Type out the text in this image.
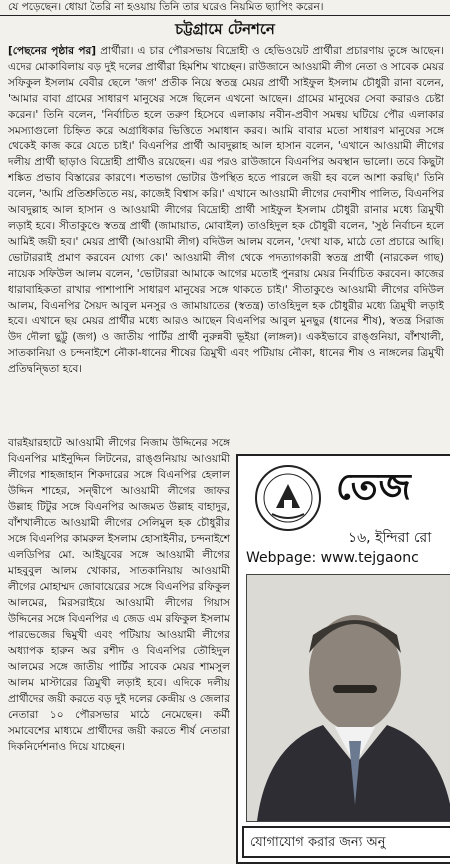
যে পড়েছেন। ধোয়া তৈরি না হওয়ায় তিনি তার ঘরেও নিয়মিত ছ্যাপিং করেন।
চট্টগ্রামে টেনশনে
[পেছনের পৃষ্ঠার পর] প্রার্থীরা। এ চার পৌরসভায় বিদ্রোহী ও হেভিওয়েট প্রার্থীরা প্রচারণায় তুঙ্গে আছেন। এদের মোকাবিলায় বড় দুই দলের প্রার্থীরা হিমশিম খাচ্ছেন। রাউজানে আওয়ামী লীগ নেতা ও সাবেক মেয়র সফিকুল ইসলাম বেবীর ছেলে 'জগ' প্রতীক নিয়ে স্বতন্ত্র মেয়র প্রার্থী সাইফুল ইসলাম চৌধুরী রানা বলেন, 'আমার বাবা গ্রামের সাধারণ মানুষের সঙ্গে ছিলেন এখনো আছেন। গ্রামের মানুষের সেবা করারও চেষ্টা করেন।' তিনি বলেন, 'নির্বাচিত হলে তরুণ হিসেবে এলাকায় নবীন-প্রবীণ সমন্বয় ঘটিয়ে পৌর এলাকার সমস্যাগুলো চিহ্নিত করে অগ্রাধিকার ভিত্তিতে সমাধান করব। আমি বাবার মতো সাধারণ মানুষের সঙ্গে থেকেই কাজ করে যেতে চাই।' বিএনপির প্রার্থী আবদুল্লাহ আল হাসান বলেন, 'এখানে আওয়ামী লীগের দলীয় প্রার্থী ছাড়াও বিদ্রোহী প্রার্থীও রয়েছেন। এর পরও রাউজানে বিএনপির অবস্থান ভালো। তবে কিছুটা শঙ্কিত প্রভাব বিস্তারের কারণে। শতভাগ ভোটার উপস্থিত হতে পারলে জয়ী হব বলে আশা করছি।' তিনি বলেন, 'আমি প্রতিশ্রুতিতে নয়, কাজেই বিশ্বাস করি।' এখানে আওয়ামী লীগের দেবাশীষ পালিত, বিএনপির আবদুল্লাহ আল হাসান ও আওয়ামী লীগের বিদ্রোহী প্রার্থী সাইফুল ইসলাম চৌধুরী রানার মধ্যে ত্রিমুখী লড়াই হবে। সীতাকুণ্ডে স্বতন্ত্র প্রার্থী (জামায়াত, মোবাইল) তাওহিদুল হক চৌধুরী বলেন, 'সুষ্ঠ নির্বাচন হলে আমিই জয়ী হব।' মেয়র প্রার্থী (আওয়ামী লীগ) বদিউল আলম বলেন, 'দেখা যাক, মাঠে তো প্রচারে আছি। ভোটাররাই প্রমাণ করবেন যোগ্য কে।' আওয়ামী লীগ থেকে পদত্যাগকারী স্বতন্ত্র প্রার্থী (নারকেল গাছ) নায়েক সফিউল আলম বলেন, 'ভোটাররা আমাকে আগের মতোই পুনরায় মেয়র নির্বাচিত করবেন। কাজের ধারাবাহিকতা রাখার পাশাপাশি সাধারণ মানুষের সঙ্গে থাকতে চাই।' সীতাকুণ্ডে আওয়ামী লীগের বদিউল আলম, বিএনপির সৈয়দ আবুল মনসুর ও জামায়াতের (স্বতন্ত্র) তাওহিদুল হক চৌধুরীর মধ্যে ত্রিমুখী লড়াই হবে। এখানে ছয় মেয়র প্রার্থীর মধ্যে আরও আছেন বিএনপির আবুল মুনছুর (ধানের শীষ), স্বতন্ত্র সিরাজ উদ দৌলা ছুট্টু (জগ) ও জাতীয় পার্টির প্রার্থী নুরুন্নবী ভূইয়া (লাঙ্গল)। একইভাবে রাঙ্গুনিয়া, বাঁশখালী, সাতকানিয়া ও চন্দনাইশে নৌকা-ধানের শীষের ত্রিমুখী এবং পটিয়ায় নৌকা, ধানের শীষ ও নাঙ্গলের ত্রিমুখী প্রতিদ্বন্দ্বিতা হবে।
বারইয়ারহাটে আওয়ামী লীগের নিজাম উদ্দিনের সঙ্গে বিএনপির মাইনুদ্দিন লিটনের, রাঙ্গুনিয়ায় আওয়ামী লীগের শাহজাহান শিকদারের সঙ্গে বিএনপির হেলাল উদ্দিন শাহের, সন্দ্বীপে আওয়ামী লীগের জাফর উল্লাহ টিটুর সঙ্গে বিএনপির আজমত উল্লাহ বাহাদুর, বাঁশখালীতে আওয়ামী লীগের সেলিমুল হক চৌধুরীর সঙ্গে বিএনপির কামরুল ইসলাম হোসাইনীর, চন্দনাইশে এলডিপির মো. আইয়ুবের সঙ্গে আওয়ামী লীগের মাহবুবুল আলম খোকার, সাতকানিয়ায় আওয়ামী লীগের মোহাম্মদ জোবায়েরের সঙ্গে বিএনপির রফিকুল আলমের, মিরসরাইয়ে আওয়ামী লীগের গিয়াস উদ্দিনের সঙ্গে বিএনপির এ জেড এম রফিকুল ইসলাম পারভেজের দ্বিমুখী এবং পটিয়ায় আওয়ামী লীগের অধ্যাপক হারুন অর রশীদ ও বিএনপির তৌহিদুল আলমের সঙ্গে জাতীয় পার্টির সাবেক মেয়র শামসুল আলম মাস্টারের ত্রিমুখী লড়াই হবে। এদিকে দলীয় প্রার্থীদের জয়ী করতে বড় দুই দলের কেন্দ্রীয় ও জেলার নেতারা ১০ পৌরসভার মাঠে নেমেছেন। কর্মী সমাবেশের মাধ্যমে প্রার্থীদের জয়ী করতে শীর্ষ নেতারা দিকনির্দেশনাও দিয়ে যাচ্ছেন।
তেজ
১৬, ইন্দিরা রো
Webpage: www.tejgaonc
যোগাযোগ করার জন্য অনু
